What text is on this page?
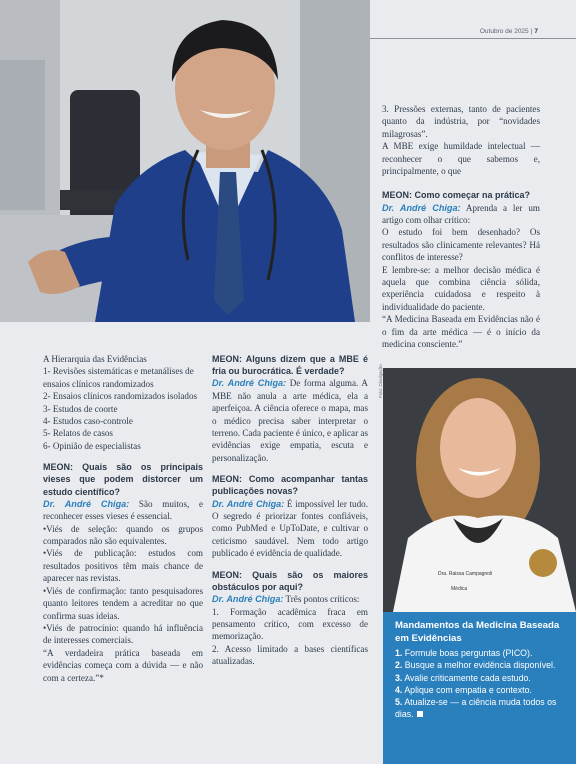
Outubro de 2025 | 7
Dra. Raissa Campagnoli
Médica
Foto: Divulgação
A Hierarquia das Evidências

1- Revisões sistemáticas e metanálises de ensaios clínicos randomizados

2- Ensaios clínicos randomizados isolados

3- Estudos de coorte

4- Estudos caso-controle

5- Relatos de casos

6- Opinião de especialistas

MEON: Quais são os principais vieses que podem distorcer um estudo científico?

Dr. André Chiga: São muitos, e reconhecer esses vieses é essencial.

•Viés de seleção: quando os grupos comparados não são equivalentes.

•Viés de publicação: estudos com resultados positivos têm mais chance de aparecer nas revistas.

•Viés de confirmação: tanto pesquisadores quanto leitores tendem a acreditar no que confirma suas ideias.

•Viés de patrocínio: quando há influência de interesses comerciais.

“A verdadeira prática baseada em evidências começa com a dúvida — e não com a certeza.”*

MEON: Alguns dizem que a MBE é fria ou burocrática. É verdade?

Dr. André Chiga: De forma alguma. A MBE não anula a arte médica, ela a aperfeiçoa. A ciência oferece o mapa, mas o médico precisa saber interpretar o terreno. Cada paciente é único, e aplicar as evidências exige empatia, escuta e personalização.

MEON: Como acompanhar tantas publicações novas?

Dr. André Chiga: É impossível ler tudo. O segredo é priorizar fontes confiáveis, como PubMed e UpToDate, e cultivar o ceticismo saudável. Nem todo artigo publicado é evidência de qualidade.

MEON: Quais são os maiores obstáculos por aqui?

Dr. André Chiga: Três pontos críticos:

1. Formação acadêmica fraca em pensamento crítico, com excesso de memorização.

2. Acesso limitado a bases científicas atualizadas.

3. Pressões externas, tanto de pacientes quanto da indústria, por “novidades milagrosas”.

A MBE exige humildade intelectual — reconhecer o que sabemos e, principalmente, o que

MEON: Como começar na prática?

Dr. André Chiga: Aprenda a ler um artigo com olhar crítico:

O estudo foi bem desenhado? Os resultados são clinicamente relevantes? Há conflitos de interesse?

E lembre-se: a melhor decisão médica é aquela que combina ciência sólida, experiência cuidadosa e respeito à individualidade do paciente.

“A Medicina Baseada em Evidências não é o fim da arte médica — é o início da medicina consciente.”

Mandamentos da Medicina Baseada em Evidências
1. Formule boas perguntas (PICO).
2. Busque a melhor evidência disponível.
3. Avalie criticamente cada estudo.
4. Aplique com empatia e contexto.
5. Atualize-se — a ciência muda todos os dias.
